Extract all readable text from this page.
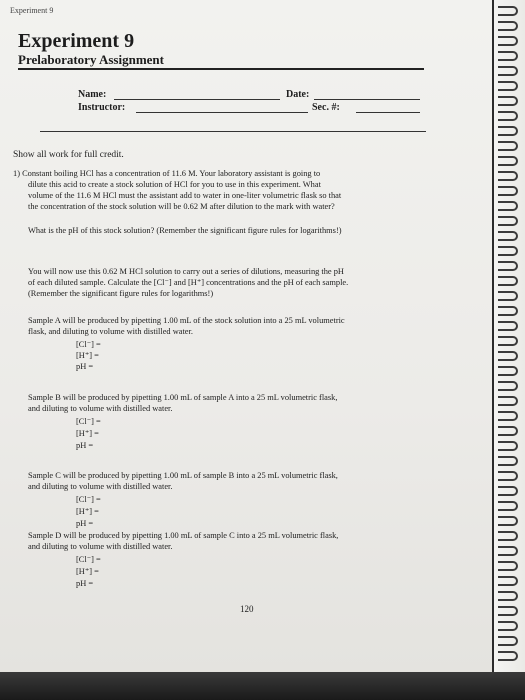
Experiment 9
Experiment 9
Prelaboratory Assignment
Name:	Date:
Instructor:	Sec. #:
Show all work for full credit.
1) Constant boiling HCl has a concentration of 11.6 M. Your laboratory assistant is going to
dilute this acid to create a stock solution of HCl for you to use in this experiment. What
volume of the 11.6 M HCl must the assistant add to water in one-liter volumetric flask so that
the concentration of the stock solution will be 0.62 M after dilution to the mark with water?
What is the pH of this stock solution? (Remember the significant figure rules for logarithms!)
You will now use this 0.62 M HCl solution to carry out a series of dilutions, measuring the pH
of each diluted sample. Calculate the [Cl⁻] and [H⁺] concentrations and the pH of each sample.
(Remember the significant figure rules for logarithms!)
Sample A will be produced by pipetting 1.00 mL of the stock solution into a 25 mL volumetric
flask, and diluting to volume with distilled water.
[Cl⁻] =
[H⁺] =
pH =
Sample B will be produced by pipetting 1.00 mL of sample A into a 25 mL volumetric flask,
and diluting to volume with distilled water.
[Cl⁻] =
[H⁺] =
pH =
Sample C will be produced by pipetting 1.00 mL of sample B into a 25 mL volumetric flask,
and diluting to volume with distilled water.
[Cl⁻] =
[H⁺] =
pH =
Sample D will be produced by pipetting 1.00 mL of sample C into a 25 mL volumetric flask,
and diluting to volume with distilled water.
[Cl⁻] =
[H⁺] =
pH =
120
